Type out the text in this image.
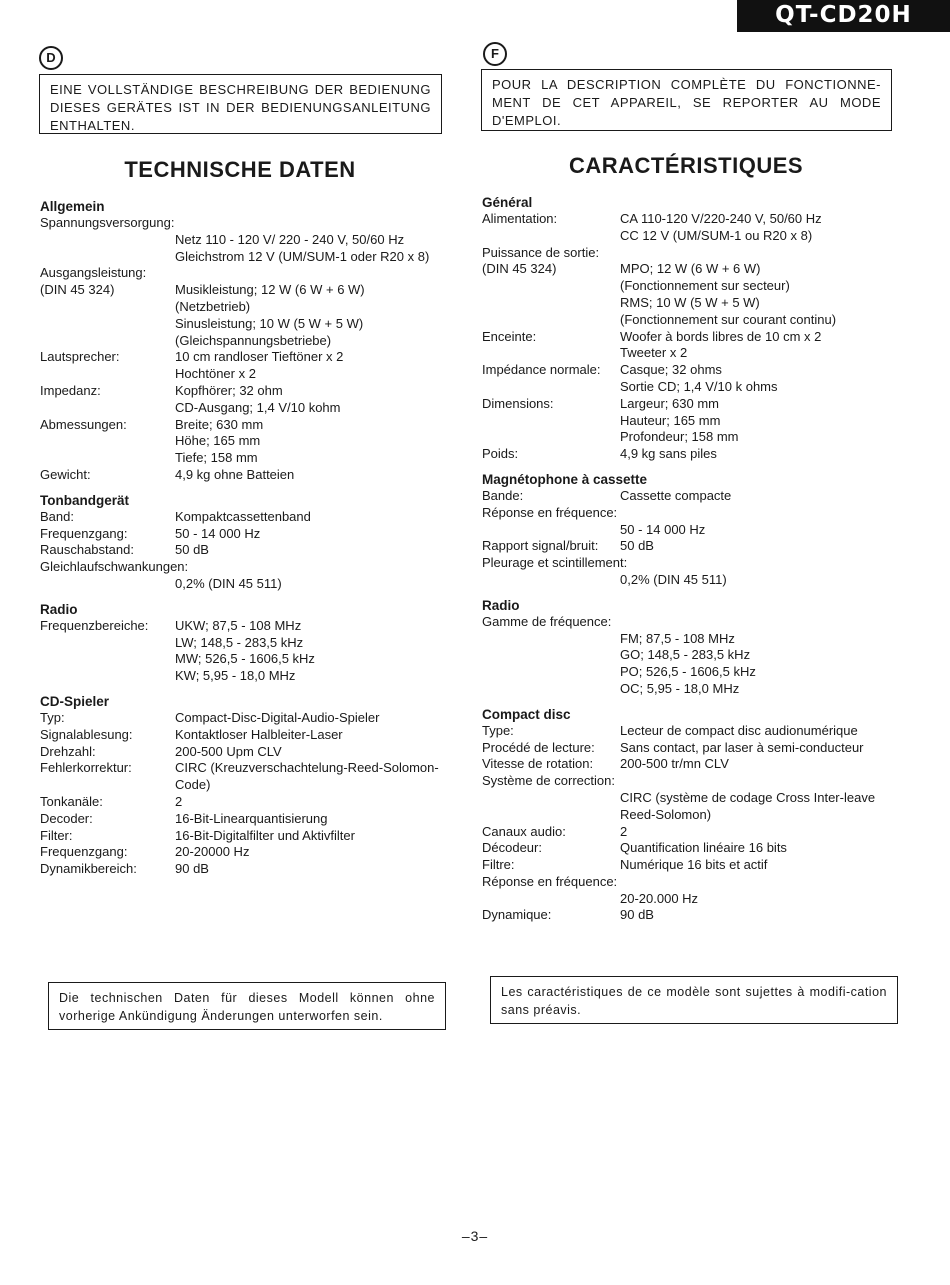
QT-CD20H
D
EINE VOLLSTÄNDIGE BESCHREIBUNG DER BEDIENUNG DIESES GERÄTES IST IN DER BEDIENUNGSANLEITUNG ENTHALTEN.
TECHNISCHE DATEN
Allgemein
Spannungsversorgung:
Netz 110 - 120 V/ 220 - 240 V, 50/60 Hz
Gleichstrom 12 V (UM/SUM-1 oder R20 x 8)
Ausgangsleistung:
(DIN 45 324)	Musikleistung; 12 W (6 W + 6 W)
(Netzbetrieb)
Sinusleistung; 10 W (5 W + 5 W)
(Gleichspannungsbetriebe)
Lautsprecher:	10 cm randloser Tieftöner x 2
Hochtöner x 2
Impedanz:	Kopfhörer; 32 ohm
CD-Ausgang; 1,4 V/10 kohm
Abmessungen:	Breite; 630 mm
Höhe; 165 mm
Tiefe; 158 mm
Gewicht:	4,9 kg ohne Batteien
Tonbandgerät
Band:	Kompaktcassettenband
Frequenzgang:	50 - 14 000 Hz
Rauschabstand:	50 dB
Gleichlaufschwankungen:
0,2% (DIN 45 511)
Radio
Frequenzbereiche:	UKW; 87,5 - 108 MHz
LW; 148,5 - 283,5 kHz
MW; 526,5 - 1606,5 kHz
KW; 5,95 - 18,0 MHz
CD-Spieler
Typ:	Compact-Disc-Digital-Audio-Spieler
Signalablesung:	Kontaktloser Halbleiter-Laser
Drehzahl:	200-500 Upm CLV
Fehlerkorrektur:	CIRC (Kreuzverschachtelung-Reed-Solomon-Code)
Tonkanäle:	2
Decoder:	16-Bit-Linearquantisierung
Filter:	16-Bit-Digitalfilter und Aktivfilter
Frequenzgang:	20-20000 Hz
Dynamikbereich:	90 dB
Die technischen Daten für dieses Modell können ohne vorherige Ankündigung Änderungen unterworfen sein.
F
POUR LA DESCRIPTION COMPLÈTE DU FONCTIONNE-MENT DE CET APPAREIL, SE REPORTER AU MODE D'EMPLOI.
CARACTÉRISTIQUES
Général
Alimentation:	CA 110-120 V/220-240 V, 50/60 Hz
CC 12 V (UM/SUM-1 ou R20 x 8)
Puissance de sortie:
(DIN 45 324)	MPO; 12 W (6 W + 6 W)
(Fonctionnement sur secteur)
RMS; 10 W (5 W + 5 W)
(Fonctionnement sur courant continu)
Enceinte:	Woofer à bords libres de 10 cm x 2
Tweeter x 2
Impédance normale:	Casque; 32 ohms
Sortie CD; 1,4 V/10 k ohms
Dimensions:	Largeur; 630 mm
Hauteur; 165 mm
Profondeur; 158 mm
Poids:	4,9 kg sans piles
Magnétophone à cassette
Bande:	Cassette compacte
Réponse en fréquence:
50 - 14 000 Hz
Rapport signal/bruit:	50 dB
Pleurage et scintillement:
0,2% (DIN 45 511)
Radio
Gamme de fréquence:
FM; 87,5 - 108 MHz
GO; 148,5 - 283,5 kHz
PO; 526,5 - 1606,5 kHz
OC; 5,95 - 18,0 MHz
Compact disc
Type:	Lecteur de compact disc audionumérique
Procédé de lecture:	Sans contact, par laser à semi-conducteur
Vitesse de rotation:	200-500 tr/mn CLV
Système de correction:
CIRC (système de codage Cross Inter-leave Reed-Solomon)
Canaux audio:	2
Décodeur:	Quantification linéaire 16 bits
Filtre:	Numérique 16 bits et actif
Réponse en fréquence:
20-20.000 Hz
Dynamique:	90 dB
Les caractéristiques de ce modèle sont sujettes à modifi-cation sans préavis.
–3–
